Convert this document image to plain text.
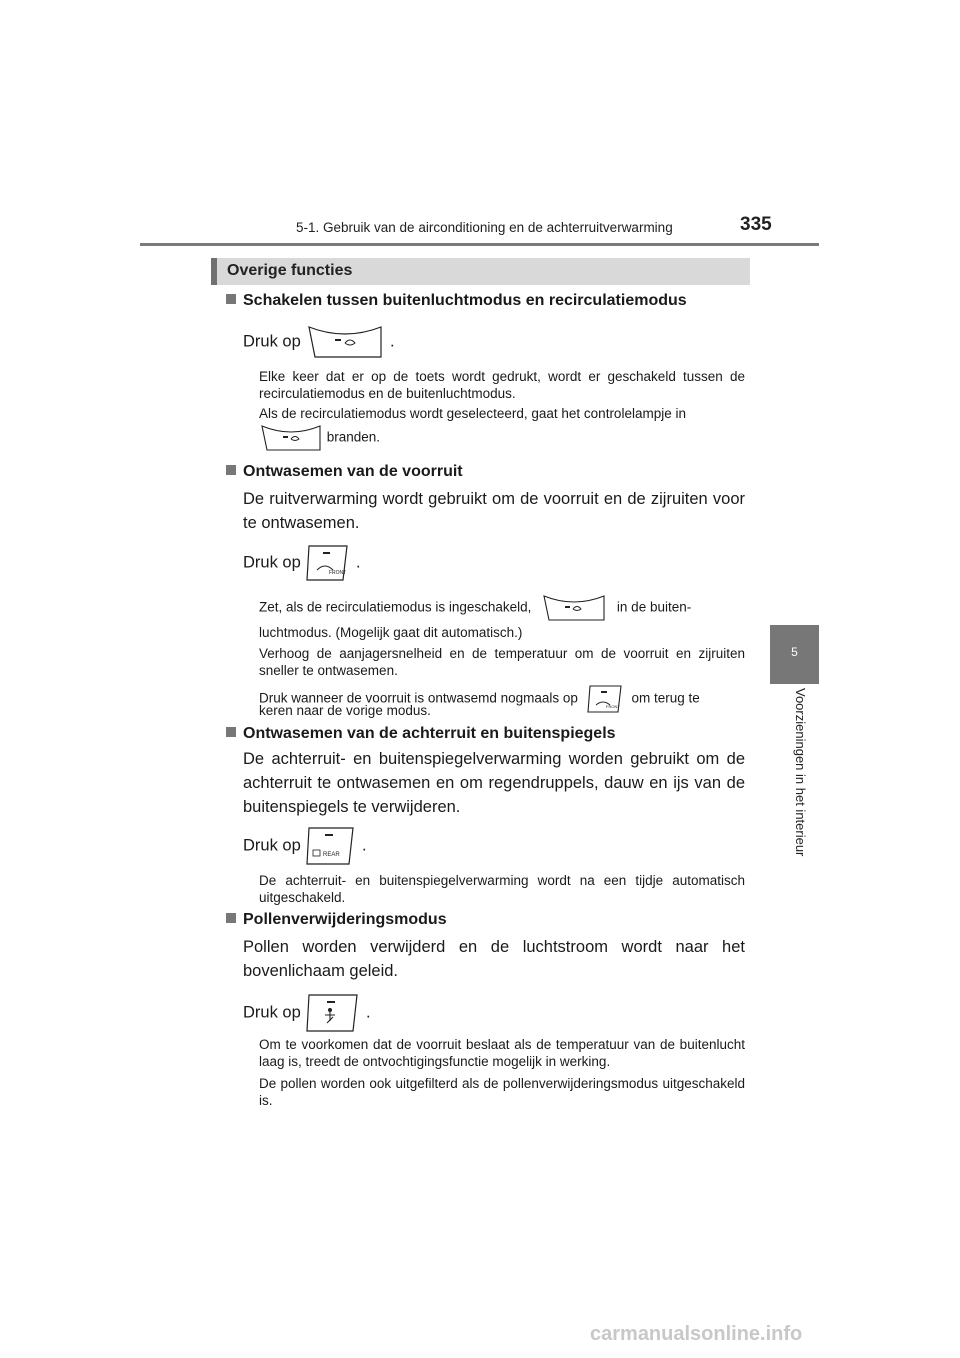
5-1. Gebruik van de airconditioning en de achterruitverwarming	335
5
Voorzieningen in het interieur
Overige functies
Schakelen tussen buitenluchtmodus en recirculatiemodus
Druk op	.
Elke keer dat er op de toets wordt gedrukt, wordt er geschakeld tussen de recirculatiemodus en de buitenluchtmodus.
Als de recirculatiemodus wordt geselecteerd, gaat het controlelampje in
branden.
Ontwasemen van de voorruit
De ruitverwarming wordt gebruikt om de voorruit en de zijruiten voor te ontwasemen.
Druk op
FRONT
.
Zet, als de recirculatiemodus is ingeschakeld,	in de buiten-
luchtmodus. (Mogelijk gaat dit automatisch.)
Verhoog de aanjagersnelheid en de temperatuur om de voorruit en zijruiten sneller te ontwasemen.
Druk wanneer de voorruit is ontwasemd nogmaals op
FRONT
om terug te
keren naar de vorige modus.
Ontwasemen van de achterruit en buitenspiegels
De achterruit- en buitenspiegelverwarming worden gebruikt om de achterruit te ontwasemen en om regendruppels, dauw en ijs van de buitenspiegels te verwijderen.
Druk op
REAR
.
De achterruit- en buitenspiegelverwarming wordt na een tijdje automatisch uitgeschakeld.
Pollenverwijderingsmodus
Pollen worden verwijderd en de luchtstroom wordt naar het bovenlichaam geleid.
Druk op	.
Om te voorkomen dat de voorruit beslaat als de temperatuur van de buitenlucht laag is, treedt de ontvochtigingsfunctie mogelijk in werking.
De pollen worden ook uitgefilterd als de pollenverwijderingsmodus uitgeschakeld is.
carmanualsonline.info
